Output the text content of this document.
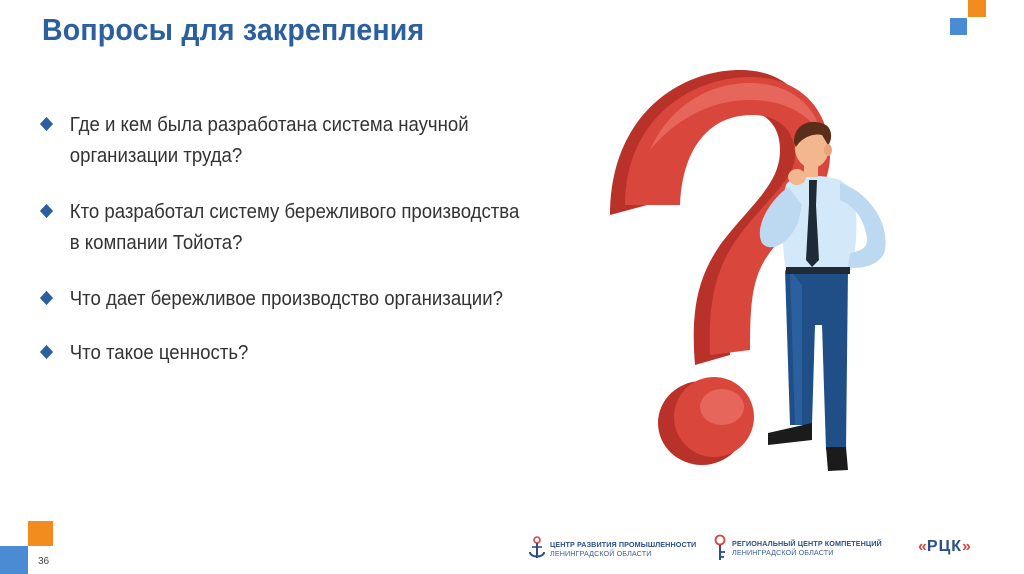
Вопросы для закрепления
Где и кем была разработана система научной
организации труда?
Кто разработал систему бережливого производства
в компании Тойота?
Что дает бережливое производство организации?
Что такое ценность?
ЦЕНТР РАЗВИТИЯ ПРОМЫШЛЕННОСТИ
ЛЕНИНГРАДСКОЙ ОБЛАСТИ
РЕГИОНАЛЬНЫЙ ЦЕНТР КОМПЕТЕНЦИЙ
ЛЕНИНГРАДСКОЙ ОБЛАСТИ	«РЦК»
36
